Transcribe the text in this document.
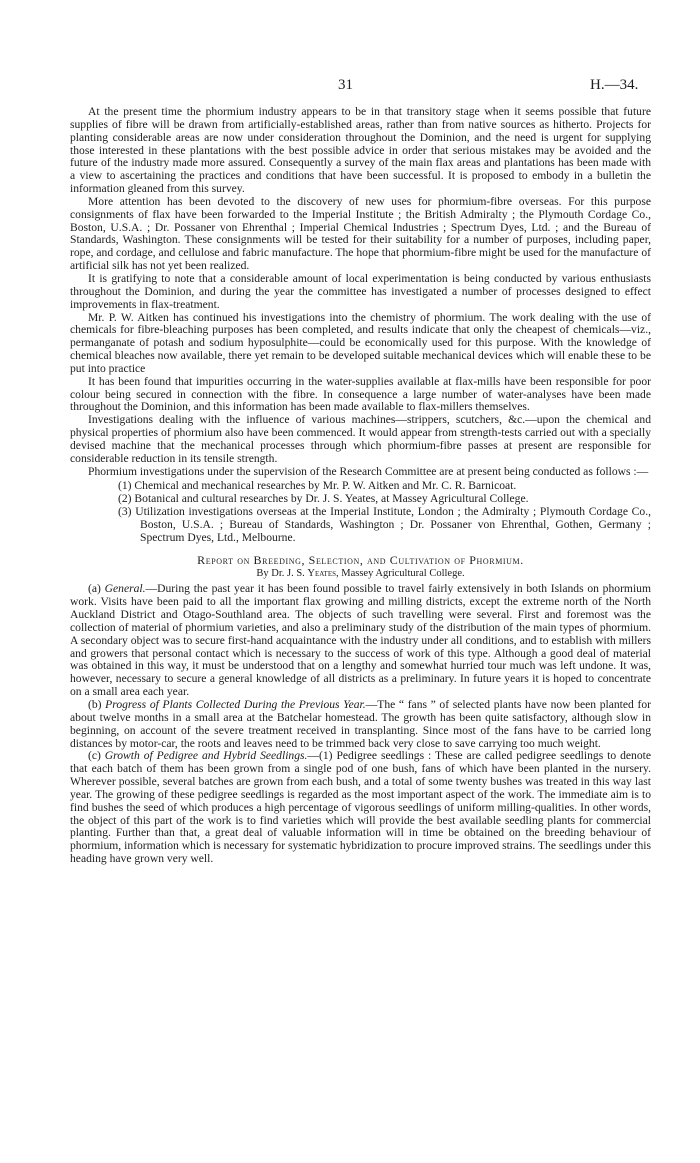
31	H.—34.

At the present time the phormium industry appears to be in that transitory stage when it seems possible that future supplies of fibre will be drawn from artificially-established areas, rather than from native sources as hitherto. Projects for planting considerable areas are now under consideration throughout the Dominion, and the need is urgent for supplying those interested in these plantations with the best possible advice in order that serious mistakes may be avoided and the future of the industry made more assured. Consequently a survey of the main flax areas and plantations has been made with a view to ascertaining the practices and conditions that have been successful. It is proposed to embody in a bulletin the information gleaned from this survey.

More attention has been devoted to the discovery of new uses for phormium-fibre overseas. For this purpose consignments of flax have been forwarded to the Imperial Institute ; the British Admiralty ; the Plymouth Cordage Co., Boston, U.S.A. ; Dr. Possaner von Ehrenthal ; Imperial Chemical Industries ; Spectrum Dyes, Ltd. ; and the Bureau of Standards, Washington. These consignments will be tested for their suitability for a number of purposes, including paper, rope, and cordage, and cellulose and fabric manufacture. The hope that phormium-fibre might be used for the manufacture of artificial silk has not yet been realized.

It is gratifying to note that a considerable amount of local experimentation is being conducted by various enthusiasts throughout the Dominion, and during the year the committee has investigated a number of processes designed to effect improvements in flax-treatment.

Mr. P. W. Aitken has continued his investigations into the chemistry of phormium. The work dealing with the use of chemicals for fibre-bleaching purposes has been completed, and results indicate that only the cheapest of chemicals—viz., permanganate of potash and sodium hyposulphite—could be economically used for this purpose. With the knowledge of chemical bleaches now available, there yet remain to be developed suitable mechanical devices which will enable these to be put into practice

It has been found that impurities occurring in the water-supplies available at flax-mills have been responsible for poor colour being secured in connection with the fibre. In consequence a large number of water-analyses have been made throughout the Dominion, and this information has been made available to flax-millers themselves.

Investigations dealing with the influence of various machines—strippers, scutchers, &c.—upon the chemical and physical properties of phormium also have been commenced. It would appear from strength-tests carried out with a specially devised machine that the mechanical processes through which phormium-fibre passes at present are responsible for considerable reduction in its tensile strength.

Phormium investigations under the supervision of the Research Committee are at present being conducted as follows :—

(1) Chemical and mechanical researches by Mr. P. W. Aitken and Mr. C. R. Barnicoat.
(2) Botanical and cultural researches by Dr. J. S. Yeates, at Massey Agricultural College.
(3) Utilization investigations overseas at the Imperial Institute, London ; the Admiralty ; Plymouth Cordage Co., Boston, U.S.A. ; Bureau of Standards, Washington ; Dr. Possaner von Ehrenthal, Gothen, Germany ; Spectrum Dyes, Ltd., Melbourne.
Report on Breeding, Selection, and Cultivation of Phormium.
By Dr. J. S. Yeates, Massey Agricultural College.

(a) General.—During the past year it has been found possible to travel fairly extensively in both Islands on phormium work. Visits have been paid to all the important flax growing and milling districts, except the extreme north of the North Auckland District and Otago-Southland area. The objects of such travelling were several. First and foremost was the collection of material of phormium varieties, and also a preliminary study of the distribution of the main types of phormium. A secondary object was to secure first-hand acquaintance with the industry under all conditions, and to establish with millers and growers that personal contact which is necessary to the success of work of this type. Although a good deal of material was obtained in this way, it must be understood that on a lengthy and somewhat hurried tour much was left undone. It was, however, necessary to secure a general knowledge of all districts as a preliminary. In future years it is hoped to concentrate on a small area each year.

(b) Progress of Plants Collected During the Previous Year.—The “ fans ” of selected plants have now been planted for about twelve months in a small area at the Batchelar homestead. The growth has been quite satisfactory, although slow in beginning, on account of the severe treatment received in transplanting. Since most of the fans have to be carried long distances by motor-car, the roots and leaves need to be trimmed back very close to save carrying too much weight.

(c) Growth of Pedigree and Hybrid Seedlings.—(1) Pedigree seedlings : These are called pedigree seedlings to denote that each batch of them has been grown from a single pod of one bush, fans of which have been planted in the nursery. Wherever possible, several batches are grown from each bush, and a total of some twenty bushes was treated in this way last year. The growing of these pedigree seedlings is regarded as the most important aspect of the work. The immediate aim is to find bushes the seed of which produces a high percentage of vigorous seedlings of uniform milling-qualities. In other words, the object of this part of the work is to find varieties which will provide the best available seedling plants for commercial planting. Further than that, a great deal of valuable information will in time be obtained on the breeding behaviour of phormium, information which is necessary for systematic hybridization to procure improved strains. The seedlings under this heading have grown very well.
